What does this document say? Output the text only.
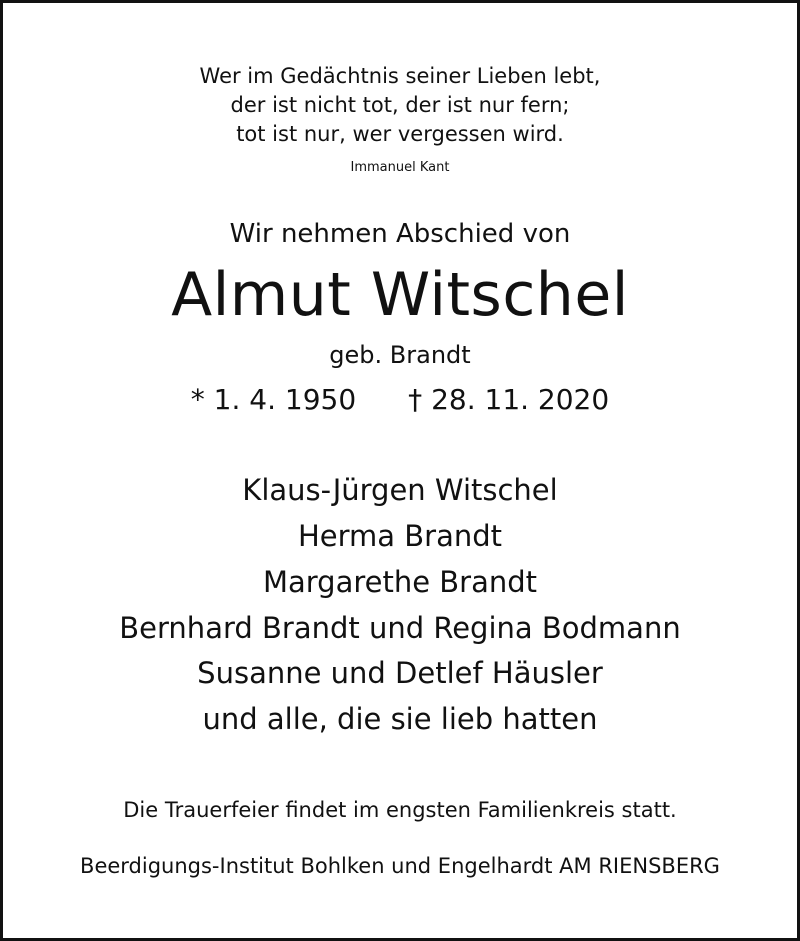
Wer im Gedächtnis seiner Lieben lebt,
der ist nicht tot, der ist nur fern;
tot ist nur, wer vergessen wird.
Immanuel Kant
Wir nehmen Abschied von
Almut Witschel
geb. Brandt
* 1. 4. 1950 † 28. 11. 2020
Klaus-Jürgen Witschel
Herma Brandt
Margarethe Brandt
Bernhard Brandt und Regina Bodmann
Susanne und Detlef Häusler
und alle, die sie lieb hatten
Die Trauerfeier findet im engsten Familienkreis statt.
Beerdigungs-Institut Bohlken und Engelhardt AM RIENSBERG
